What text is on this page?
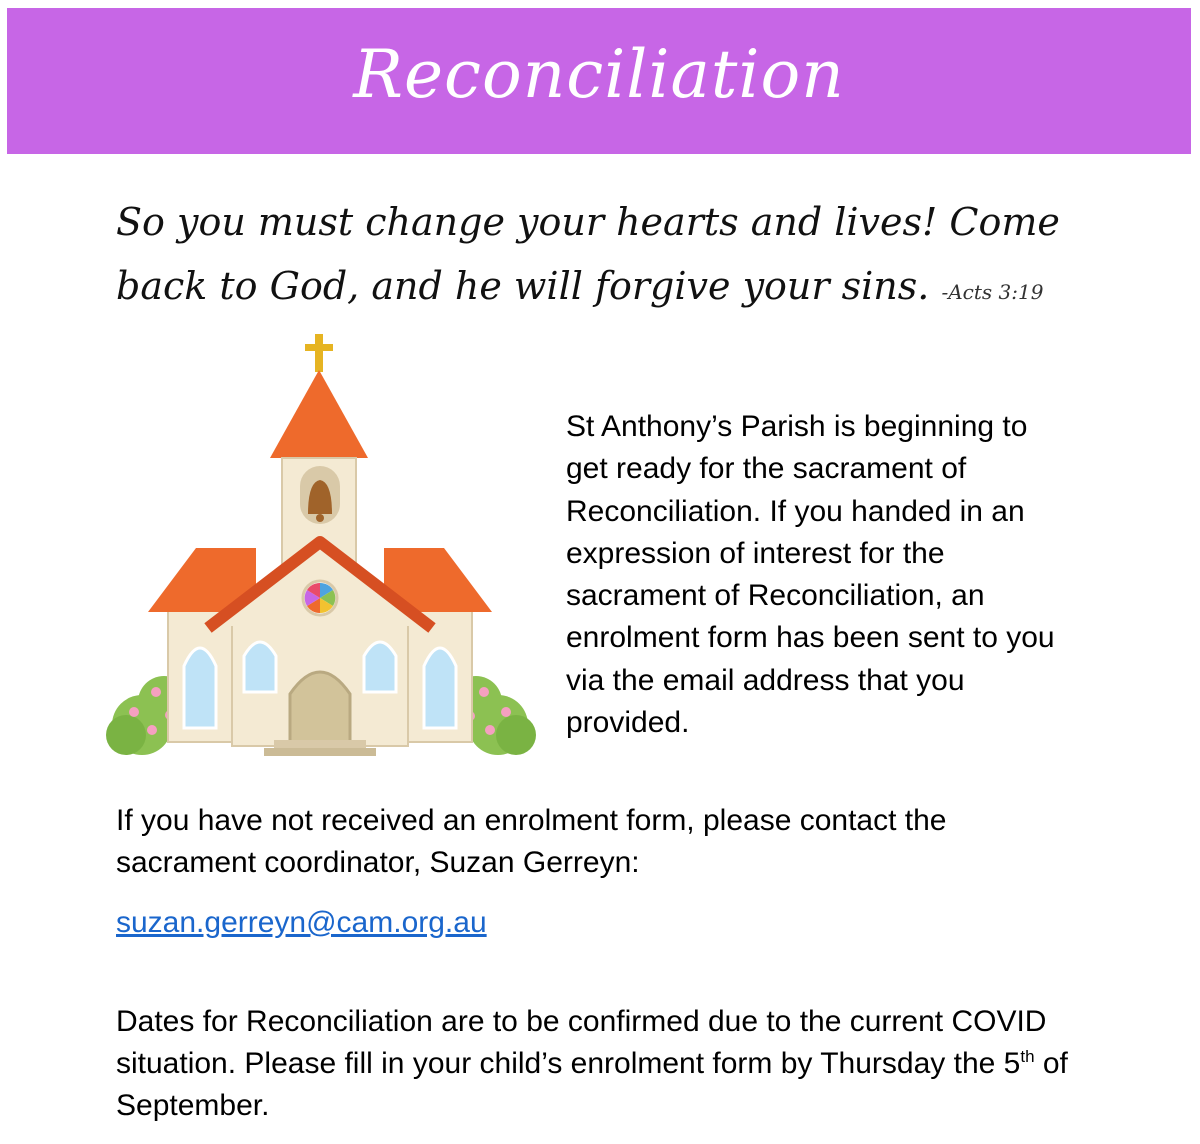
Reconciliation
So you must change your hearts and lives! Come back to God, and he will forgive your sins. -Acts 3:19
St Anthony’s Parish is beginning to get ready for the sacrament of Reconciliation. If you handed in an expression of interest for the sacrament of Reconciliation, an enrolment form has been sent to you via the email address that you provided.
If you have not received an enrolment form, please contact the sacrament coordinator, Suzan Gerreyn:
suzan.gerreyn@cam.org.au
Dates for Reconciliation are to be confirmed due to the current COVID situation. Please fill in your child’s enrolment form by Thursday the 5th of September.
